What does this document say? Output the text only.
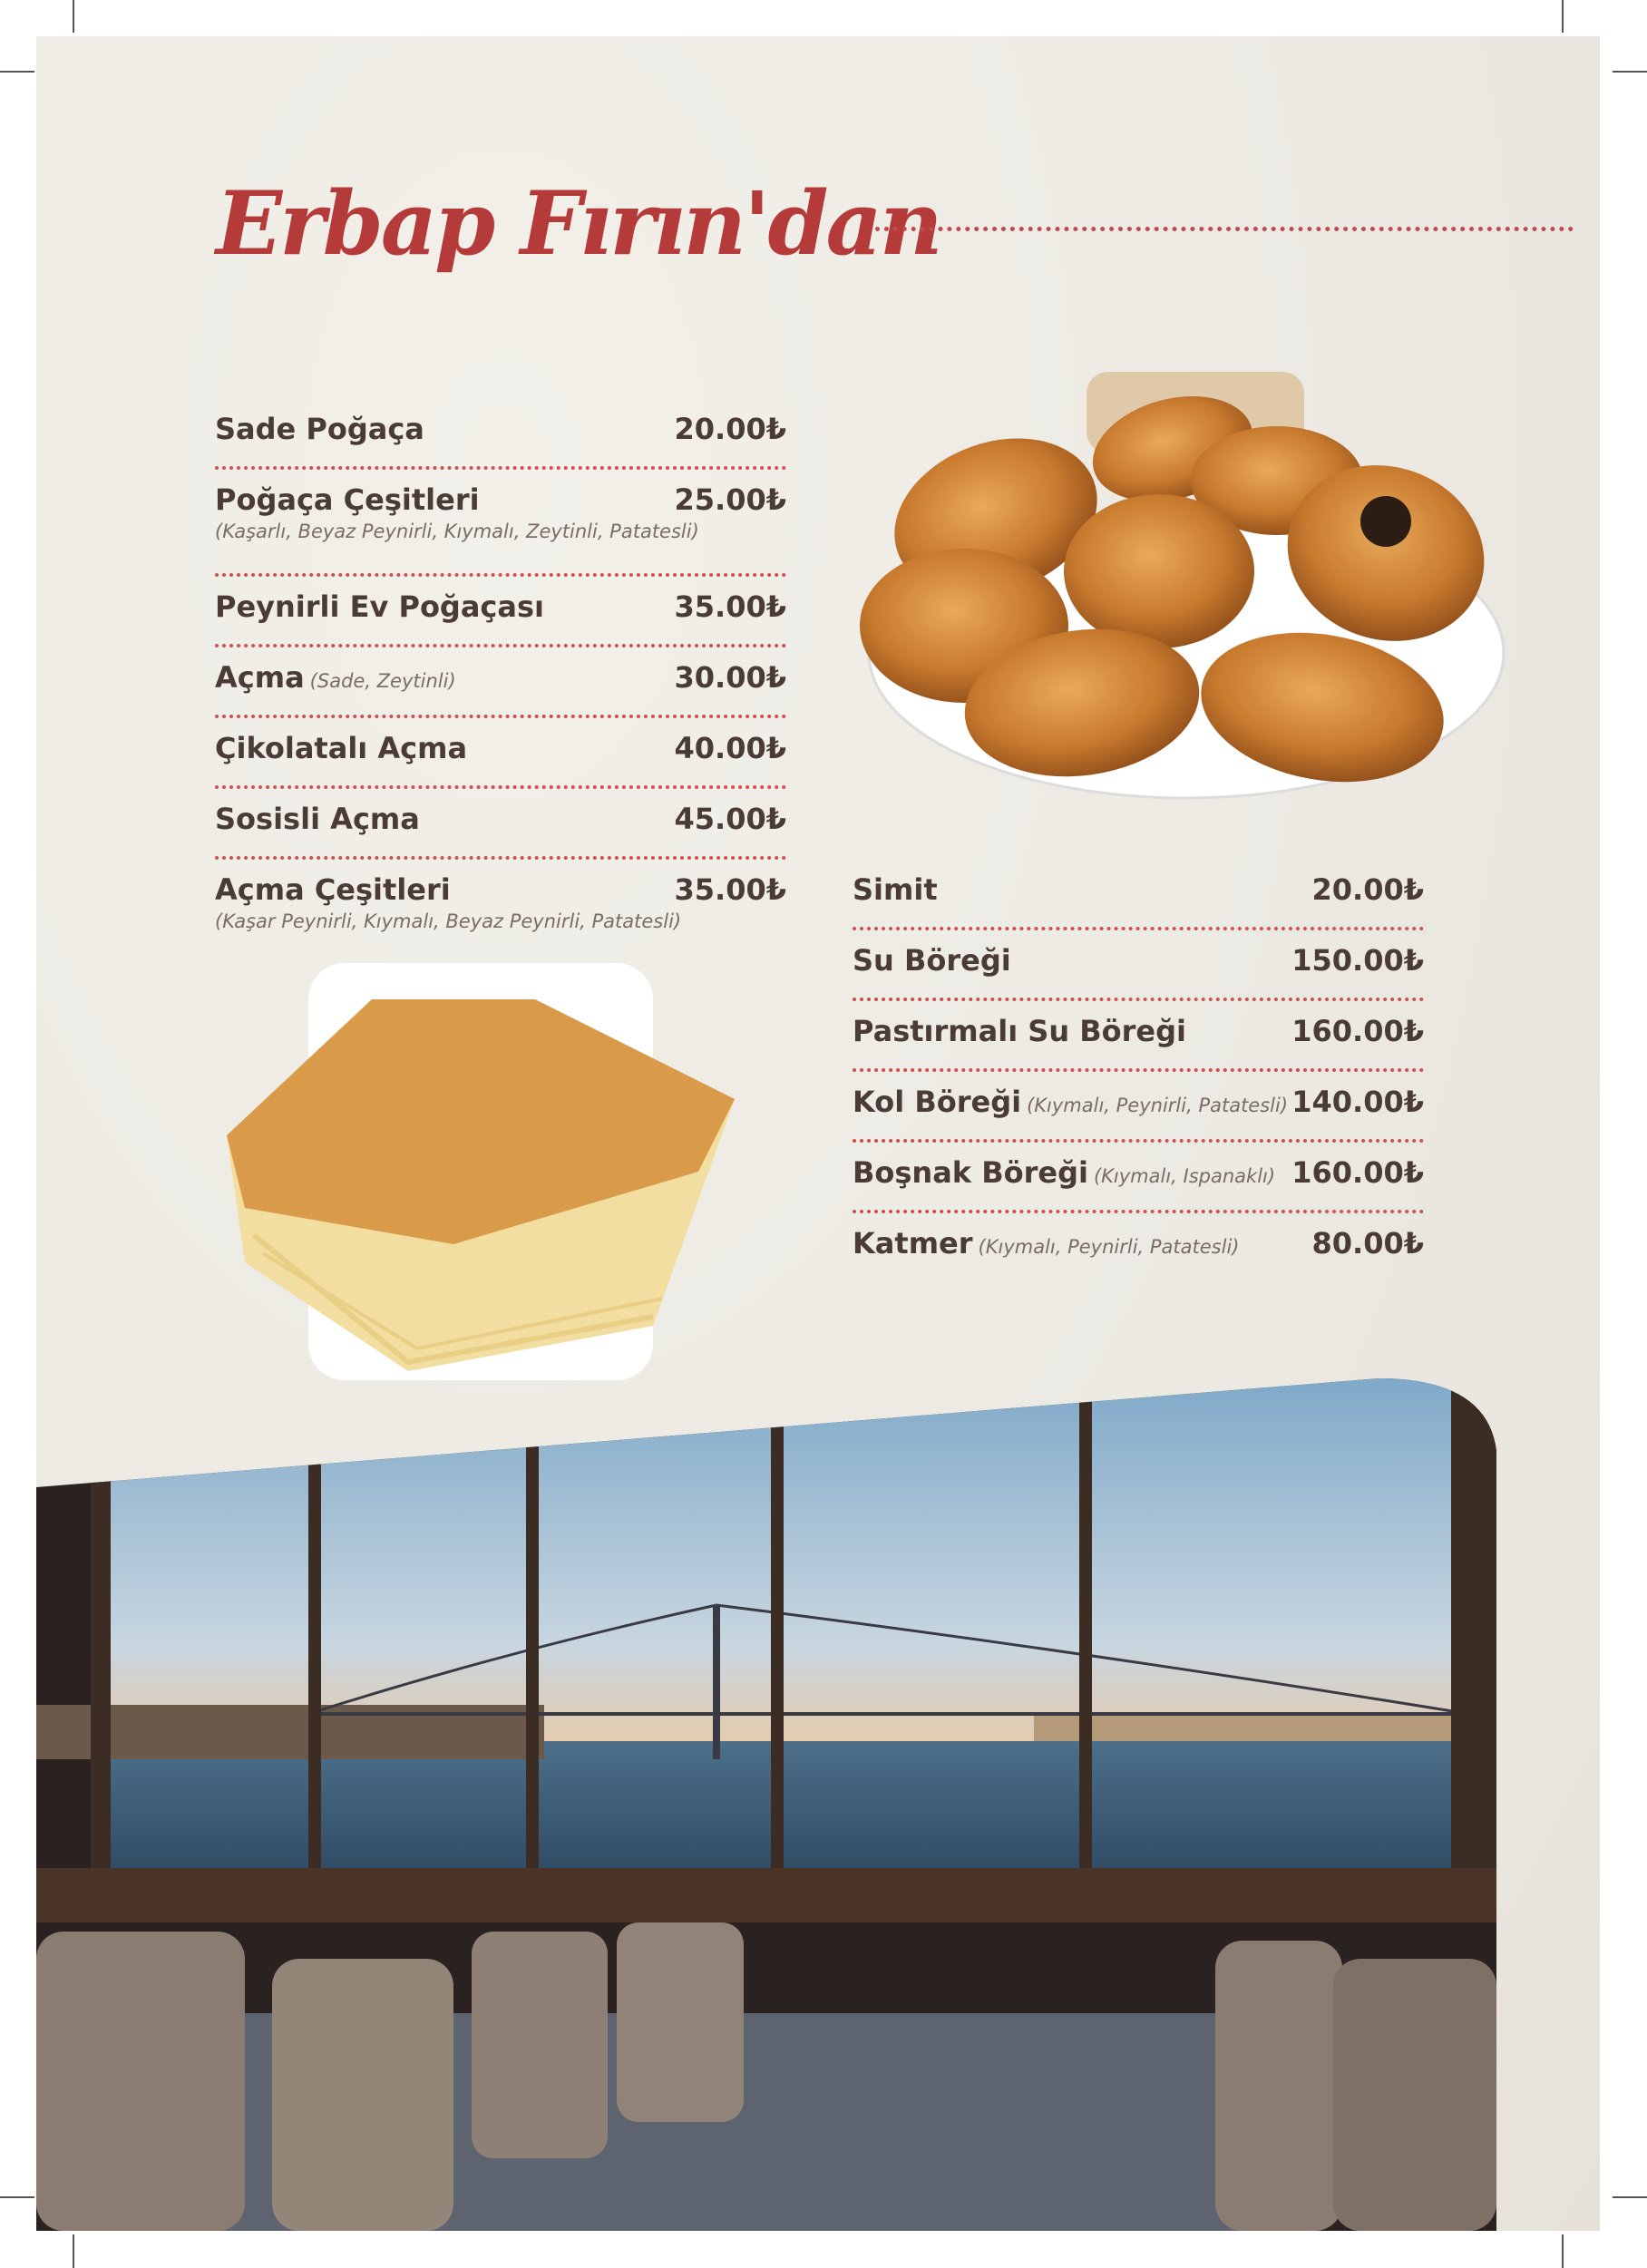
Erbap Fırın'dan
Sade Poğaça	20.00₺
Poğaça Çeşitleri	25.00₺
(Kaşarlı, Beyaz Peynirli, Kıymalı, Zeytinli, Patatesli)
Peynirli Ev Poğaçası	35.00₺
Açma (Sade, Zeytinli)	30.00₺
Çikolatalı Açma	40.00₺
Sosisli Açma	45.00₺
Açma Çeşitleri	35.00₺
(Kaşar Peynirli, Kıymalı, Beyaz Peynirli, Patatesli)
Simit	20.00₺
Su Böreği	150.00₺
Pastırmalı Su Böreği	160.00₺
Kol Böreği (Kıymalı, Peynirli, Patatesli) 140.00₺
Boşnak Böreği (Kıymalı, Ispanaklı) 160.00₺
Katmer (Kıymalı, Peynirli, Patatesli)	80.00₺
